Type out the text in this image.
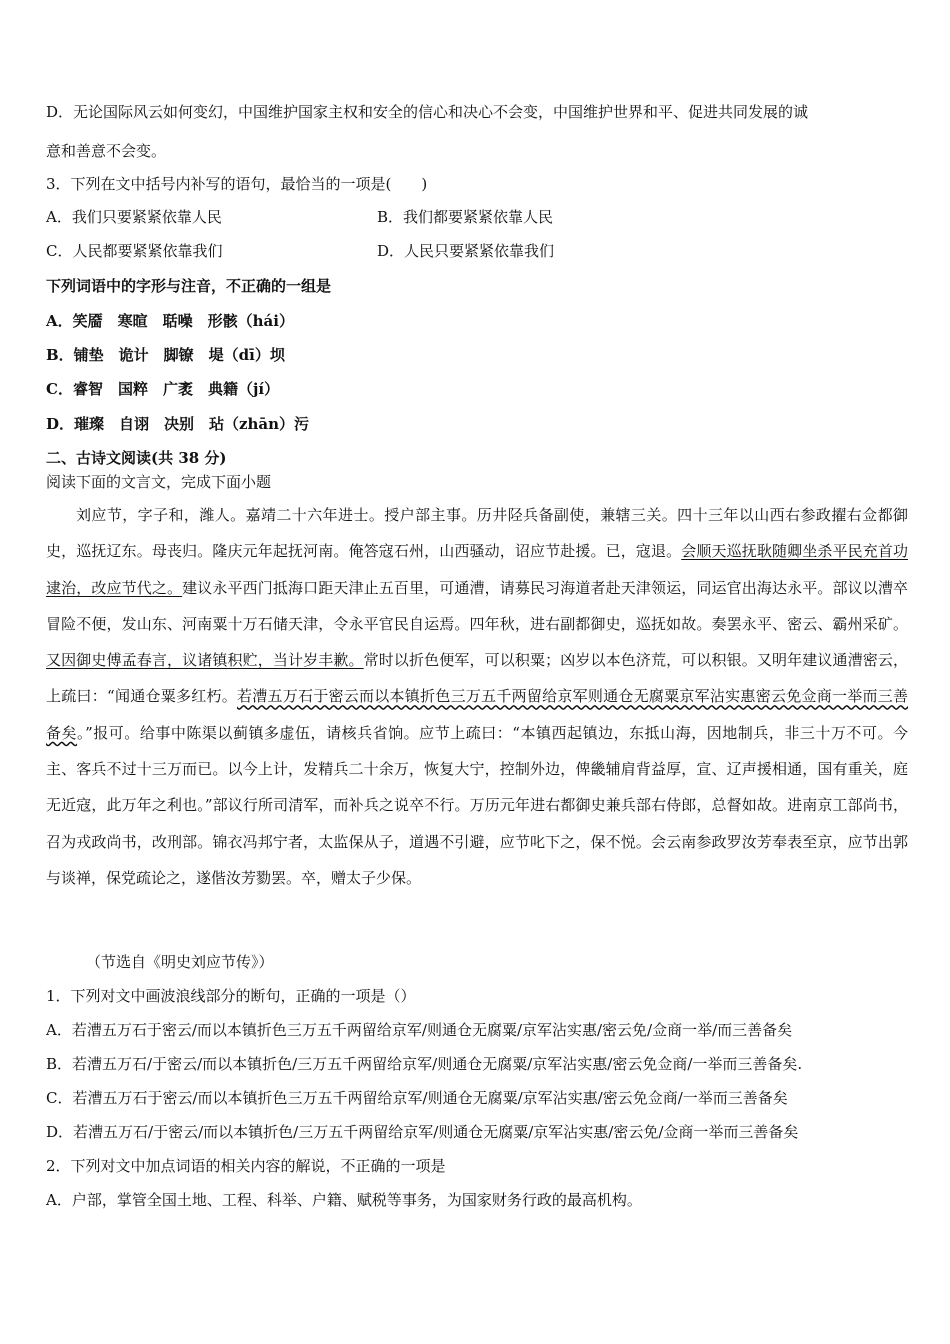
D．无论国际风云如何变幻，中国维护国家主权和安全的信心和决心不会变，中国维护世界和平、促进共同发展的诚
意和善意不会变。
3．下列在文中括号内补写的语句，最恰当的一项是(　　)
A．我们只要紧紧依靠人民	B．我们都要紧紧依靠人民
C．人民都要紧紧依靠我们	D．人民只要紧紧依靠我们
下列词语中的字形与注音，不正确的一组是
A．笑靥　寒暄　聒噪　形骸（hái）
B．铺垫　诡计　脚镣　堤（dī）坝
C．睿智　国粹　广袤　典籍（jí）
D．璀璨　自诩　决别　玷（zhān）污
二、古诗文阅读(共 38 分)
阅读下面的文言文，完成下面小题

刘应节，字子和，潍人。嘉靖二十六年进士。授户部主事。历井陉兵备副使，兼辖三关。四十三年以山西右参政擢右佥都御史，巡抚辽东。母丧归。隆庆元年起抚河南。俺答寇石州，山西骚动，诏应节赴援。已，寇退。会顺天巡抚耿随卿坐杀平民充首功逮治，改应节代之。建议永平西门抵海口距天津止五百里，可通漕，请募民习海道者赴天津领运，同运官出海达永平。部议以漕卒冒险不便，发山东、河南粟十万石储天津，令永平官民自运焉。四年秋，进右副都御史，巡抚如故。奏罢永平、密云、霸州采矿。又因御史傅孟春言，议诸镇积贮，当计岁丰歉。常时以折色便军，可以积粟；凶岁以本色济荒，可以积银。又明年建议通漕密云，上疏曰：“闻通仓粟多红朽。若漕五万石于密云而以本镇折色三万五千两留给京军则通仓无腐粟京军沾实惠密云免佥商一举而三善备矣。”报可。给事中陈渠以蓟镇多虚伍，请核兵省饷。应节上疏曰：“本镇西起镇边，东抵山海，因地制兵，非三十万不可。今主、客兵不过十三万而已。以今上计，发精兵二十余万，恢复大宁，控制外边，俾畿辅肩背益厚，宣、辽声援相通，国有重关，庭无近寇，此万年之利也。”部议行所司清军，而补兵之说卒不行。万历元年进右都御史兼兵部右侍郎，总督如故。进南京工部尚书，召为戎政尚书，改刑部。锦衣冯邦宁者，太监保从子，道遇不引避，应节叱下之，保不悦。会云南参政罗汝芳奉表至京，应节出郭与谈禅，保党疏论之，遂偕汝芳勠罢。卒，赠太子少保。

（节选自《明史刘应节传》）
1．下列对文中画波浪线部分的断句，正确的一项是（）
A．若漕五万石于密云/而以本镇折色三万五千两留给京军/则通仓无腐粟/京军沾实惠/密云免/佥商一举/而三善备矣
B．若漕五万石/于密云/而以本镇折色/三万五千两留给京军/则通仓无腐粟/京军沾实惠/密云免佥商/一举而三善备矣.
C．若漕五万石于密云/而以本镇折色三万五千两留给京军/则通仓无腐粟/京军沾实惠/密云免佥商/一举而三善备矣
D．若漕五万石/于密云/而以本镇折色/三万五千两留给京军/则通仓无腐粟/京军沾实惠/密云免/佥商一举而三善备矣
2．下列对文中加点词语的相关内容的解说，不正确的一项是
A．户部，掌管全国土地、工程、科举、户籍、赋税等事务，为国家财务行政的最高机构。
